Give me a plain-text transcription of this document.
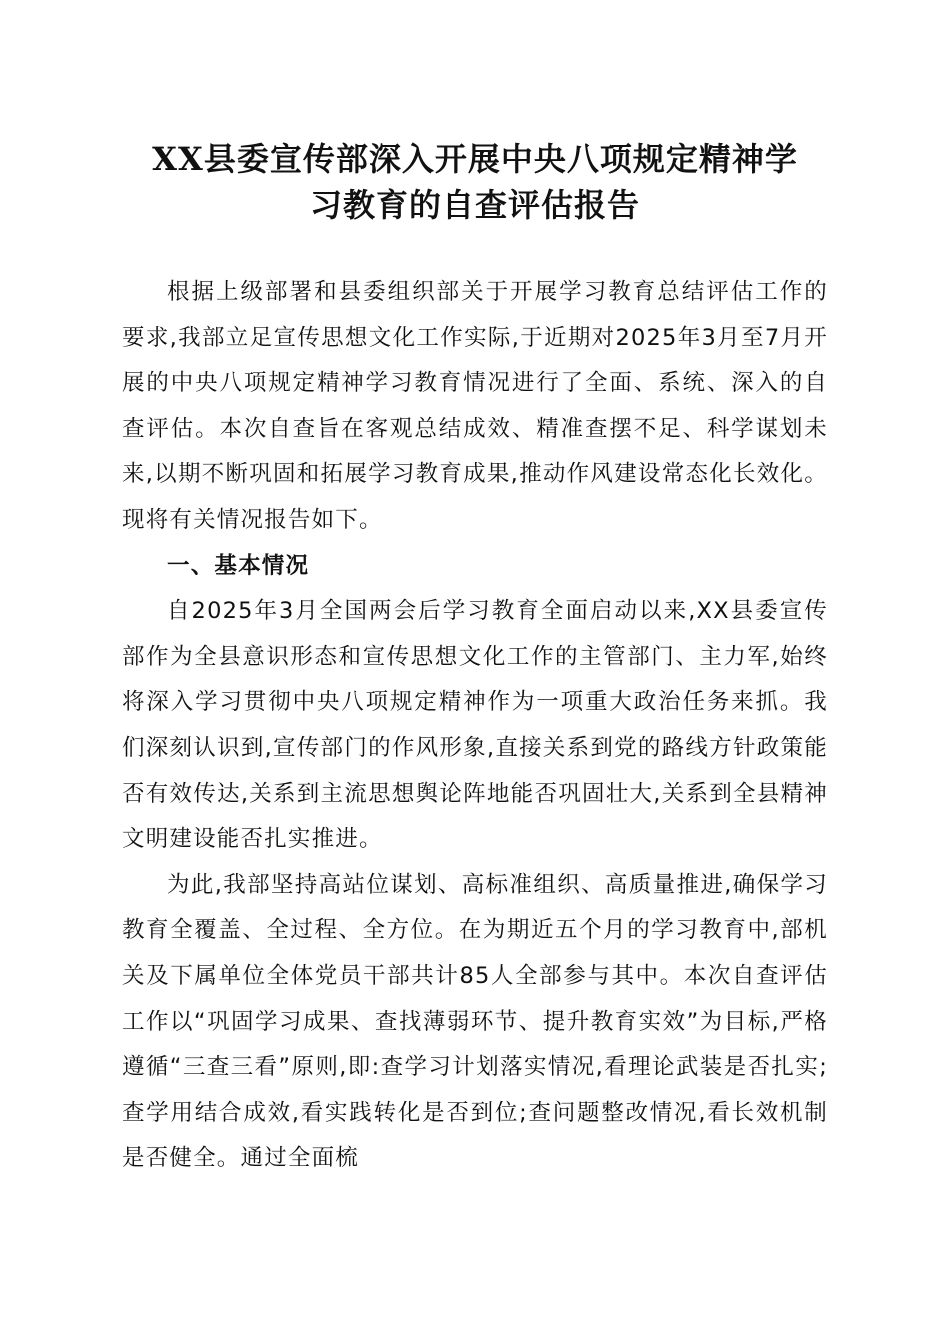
XX县委宣传部深入开展中央八项规定精神学
习教育的自查评估报告

根据上级部署和县委组织部关于开展学习教育总结评估工作的要求,我部立足宣传思想文化工作实际,于近期对2025年3月至7月开展的中央八项规定精神学习教育情况进行了全面、系统、深入的自查评估。本次自查旨在客观总结成效、精准查摆不足、科学谋划未来,以期不断巩固和拓展学习教育成果,推动作风建设常态化长效化。现将有关情况报告如下。

一、基本情况

自2025年3月全国两会后学习教育全面启动以来,XX县委宣传部作为全县意识形态和宣传思想文化工作的主管部门、主力军,始终将深入学习贯彻中央八项规定精神作为一项重大政治任务来抓。我们深刻认识到,宣传部门的作风形象,直接关系到党的路线方针政策能否有效传达,关系到主流思想舆论阵地能否巩固壮大,关系到全县精神文明建设能否扎实推进。

为此,我部坚持高站位谋划、高标准组织、高质量推进,确保学习教育全覆盖、全过程、全方位。在为期近五个月的学习教育中,部机关及下属单位全体党员干部共计85人全部参与其中。本次自查评估工作以“巩固学习成果、查找薄弱环节、提升教育实效”为目标,严格遵循“三查三看”原则,即:查学习计划落实情况,看理论武装是否扎实;查学用结合成效,看实践转化是否到位;查问题整改情况,看长效机制是否健全。通过全面梳
